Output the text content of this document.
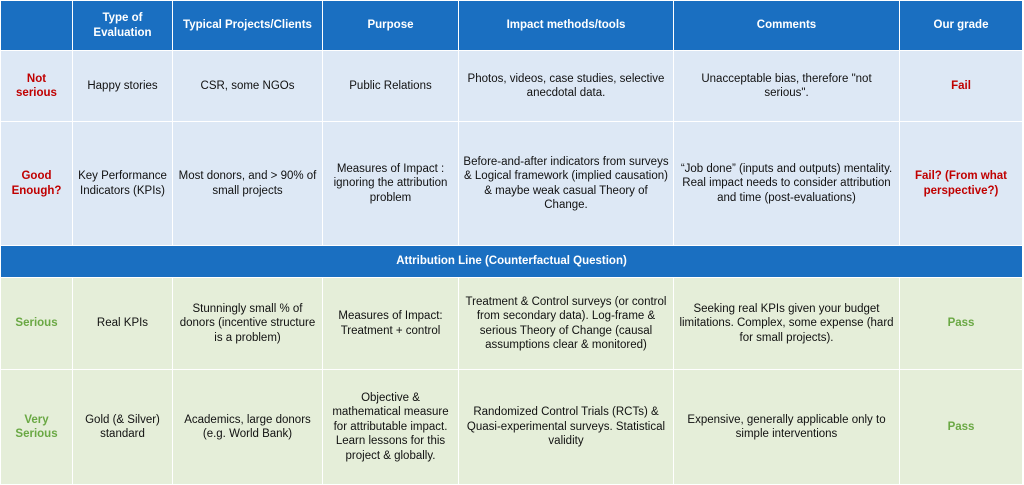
	Type of Evaluation	Typical Projects/Clients	Purpose	Impact methods/tools	Comments	Our grade
Not serious	Happy stories	CSR, some NGOs	Public Relations	Photos, videos, case studies, selective anecdotal data.	Unacceptable bias, therefore "not serious".	Fail
Good Enough?	Key Performance Indicators (KPIs)	Most donors, and > 90% of small projects	Measures of Impact : ignoring the attribution problem	Before-and-after indicators from surveys & Logical framework (implied causation) & maybe weak casual Theory of Change.	“Job done” (inputs and outputs) mentality. Real impact needs to consider attribution and time (post-evaluations)	Fail? (From what perspective?)
Attribution Line (Counterfactual Question)						
Serious	Real KPIs	Stunningly small % of donors (incentive structure is a problem)	Measures of Impact: Treatment + control	Treatment & Control surveys (or control from secondary data). Log-frame & serious Theory of Change (causal assumptions clear & monitored)	Seeking real KPIs given your budget limitations. Complex, some expense (hard for small projects).	Pass
Very Serious	Gold (& Silver) standard	Academics, large donors (e.g. World Bank)	Objective & mathematical measure for attributable impact. Learn lessons for this project & globally.	Randomized Control Trials (RCTs) & Quasi-experimental surveys. Statistical validity	Expensive, generally applicable only to simple interventions	Pass
